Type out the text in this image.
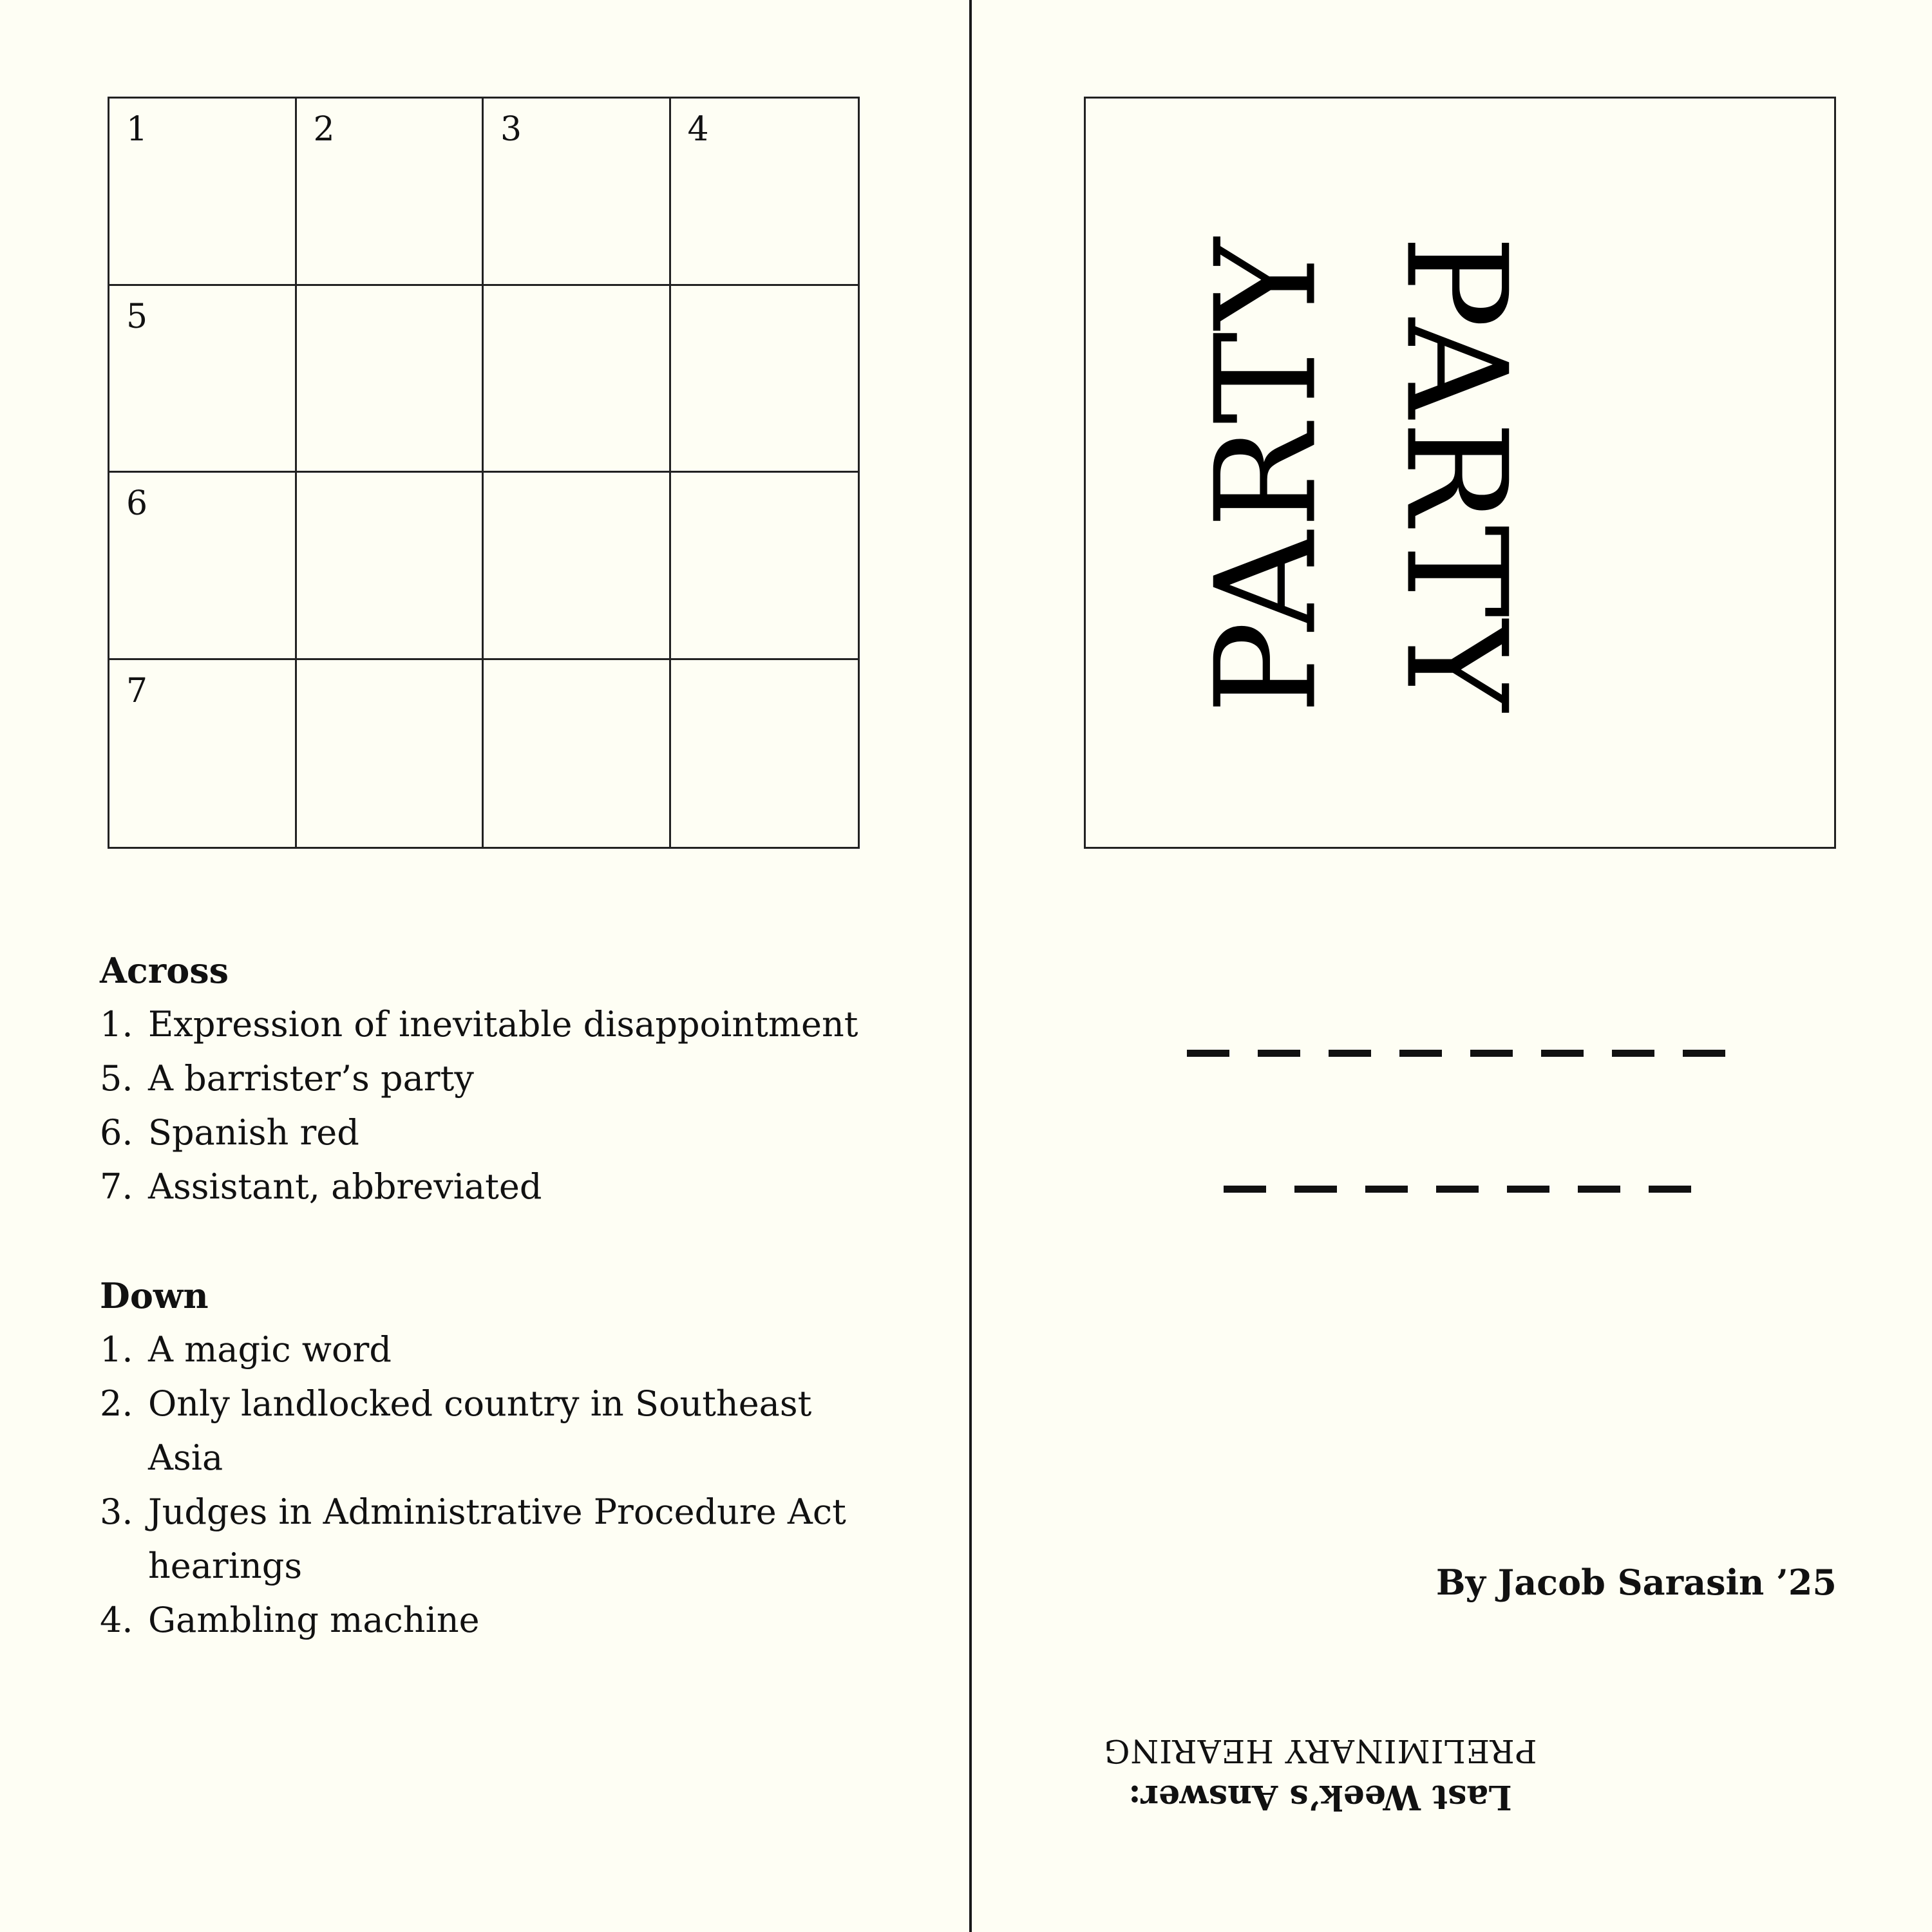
1	2	3	4
5
6
7

Across

1. Expression of inevitable disappointment
5. A barrister’s party
6. Spanish red
7. Assistant, abbreviated

Down

1. A magic word
2. Only landlocked country in Southeast Asia
3. Judges in Administrative Procedure Act hearings
4. Gambling machine
PARTY PARTY
By Jacob Sarasin ’25
Last Week’s Answer:
PRELIMINARY HEARING
